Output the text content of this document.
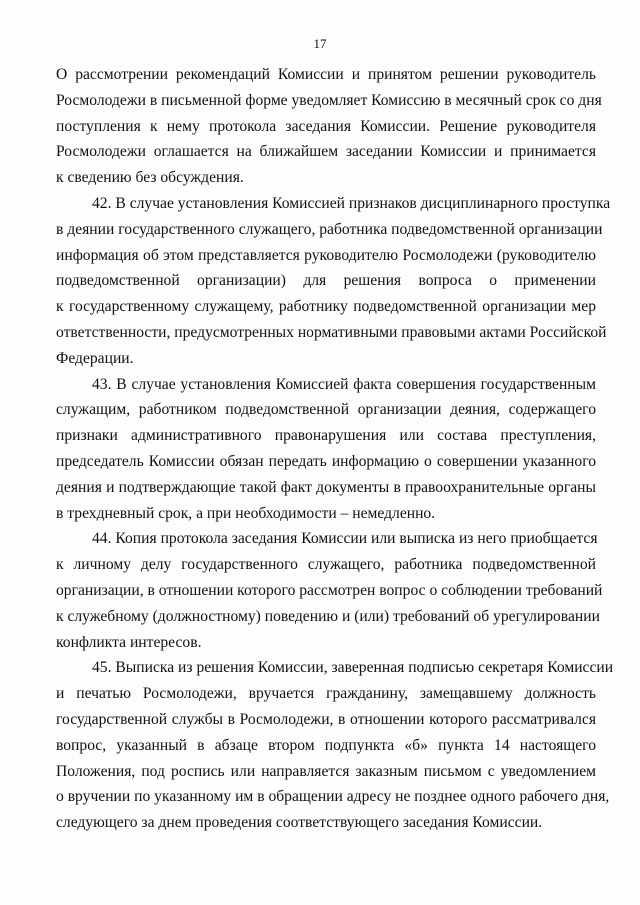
17

О рассмотрении рекомендаций Комиссии и принятом решении руководитель
Росмолодежи в письменной форме уведомляет Комиссию в месячный срок со дня
поступления к нему протокола заседания Комиссии. Решение руководителя
Росмолодежи оглашается на ближайшем заседании Комиссии и принимается
к сведению без обсуждения.

42. В случае установления Комиссией признаков дисциплинарного проступка
в деянии государственного служащего, работника подведомственной организации
информация об этом представляется руководителю Росмолодежи (руководителю
подведомственной организации) для решения вопроса о применении
к государственному служащему, работнику подведомственной организации мер
ответственности, предусмотренных нормативными правовыми актами Российской
Федерации.

43. В случае установления Комиссией факта совершения государственным
служащим, работником подведомственной организации деяния, содержащего
признаки административного правонарушения или состава преступления,
председатель Комиссии обязан передать информацию о совершении указанного
деяния и подтверждающие такой факт документы в правоохранительные органы
в трехдневный срок, а при необходимости – немедленно.

44. Копия протокола заседания Комиссии или выписка из него приобщается
к личному делу государственного служащего, работника подведомственной
организации, в отношении которого рассмотрен вопрос о соблюдении требований
к служебному (должностному) поведению и (или) требований об урегулировании
конфликта интересов.

45. Выписка из решения Комиссии, заверенная подписью секретаря Комиссии
и печатью Росмолодежи, вручается гражданину, замещавшему должность
государственной службы в Росмолодежи, в отношении которого рассматривался
вопрос, указанный в абзаце втором подпункта «б» пункта 14 настоящего
Положения, под роспись или направляется заказным письмом с уведомлением
о вручении по указанному им в обращении адресу не позднее одного рабочего дня,
следующего за днем проведения соответствующего заседания Комиссии.
